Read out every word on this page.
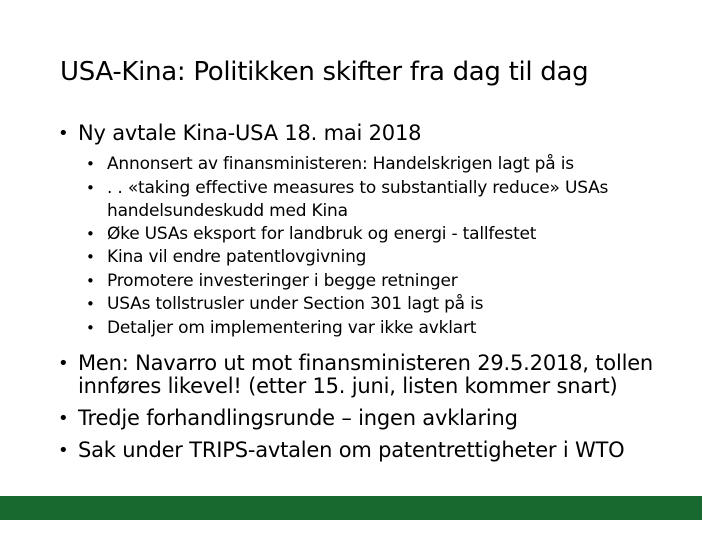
USA-Kina: Politikken skifter fra dag til dag
• Ny avtale Kina-USA 18. mai 2018
• Annonsert av finansministeren: Handelskrigen lagt på is
• . . «taking effective measures to substantially reduce» USAs handelsundeskudd med Kina
• Øke USAs eksport for landbruk og energi - tallfestet
• Kina vil endre patentlovgivning
• Promotere investeringer i begge retninger
• USAs tollstrusler under Section 301 lagt på is
• Detaljer om implementering var ikke avklart
• Men: Navarro ut mot finansministeren 29.5.2018, tollen innføres likevel! (etter 15. juni, listen kommer snart)
• Tredje forhandlingsrunde – ingen avklaring
• Sak under TRIPS-avtalen om patentrettigheter i WTO
